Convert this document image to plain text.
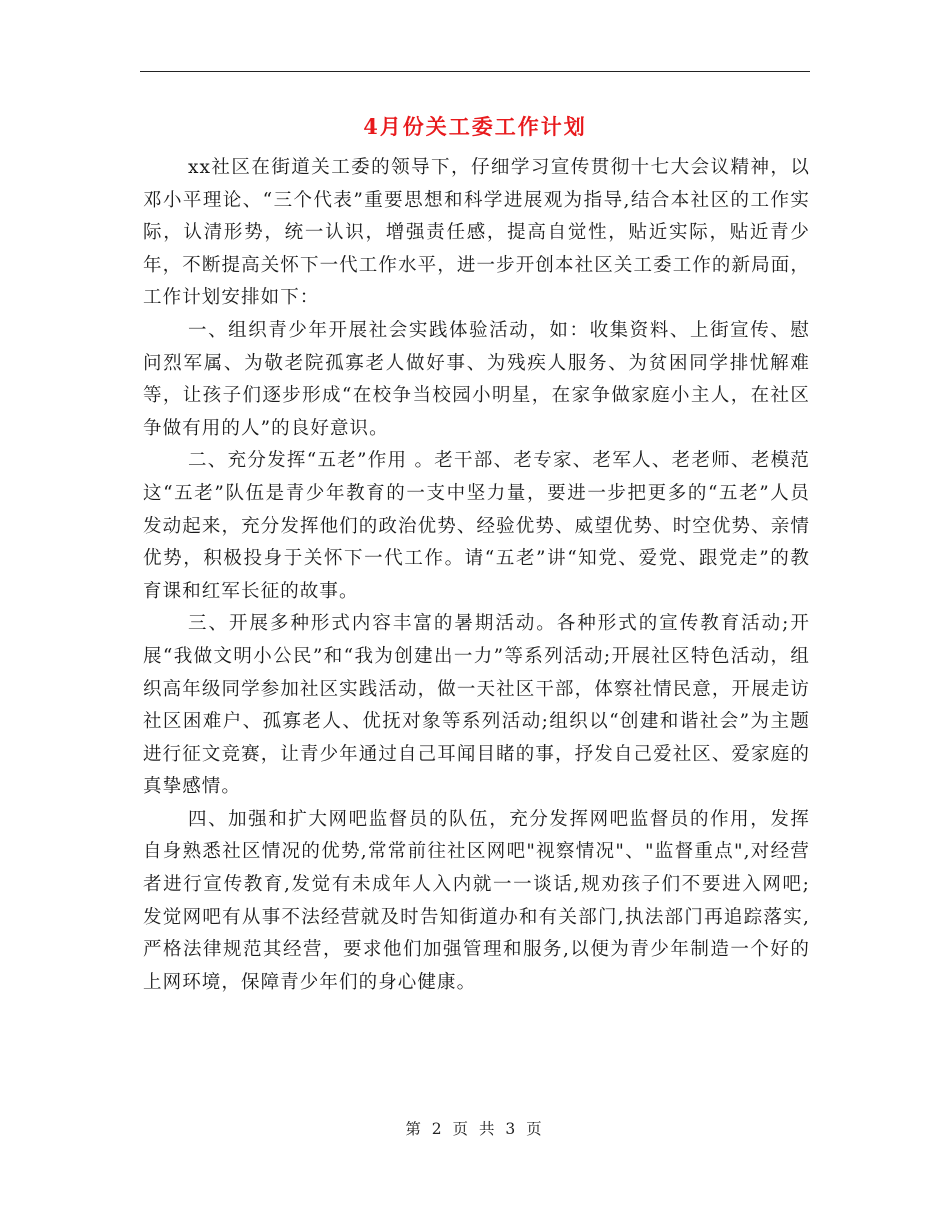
4月份关工委工作计划

xx社区在街道关工委的领导下，仔细学习宣传贯彻十七大会议精神，以邓小平理论、“三个代表”重要思想和科学进展观为指导,结合本社区的工作实际，认清形势，统一认识，增强责任感，提高自觉性，贴近实际，贴近青少年，不断提高关怀下一代工作水平，进一步开创本社区关工委工作的新局面，工作计划安排如下：

一、组织青少年开展社会实践体验活动，如：收集资料、上街宣传、慰问烈军属、为敬老院孤寡老人做好事、为残疾人服务、为贫困同学排忧解难等，让孩子们逐步形成“在校争当校园小明星，在家争做家庭小主人，在社区争做有用的人”的良好意识。

二、充分发挥“五老”作用 。老干部、老专家、老军人、老老师、老模范这“五老”队伍是青少年教育的一支中坚力量，要进一步把更多的“五老”人员发动起来，充分发挥他们的政治优势、经验优势、威望优势、时空优势、亲情优势，积极投身于关怀下一代工作。请“五老”讲“知党、爱党、跟党走”的教育课和红军长征的故事。

三、开展多种形式内容丰富的暑期活动。各种形式的宣传教育活动;开展“我做文明小公民”和“我为创建出一力”等系列活动;开展社区特色活动，组织高年级同学参加社区实践活动，做一天社区干部，体察社情民意，开展走访社区困难户、孤寡老人、优抚对象等系列活动;组织以“创建和谐社会”为主题进行征文竞赛，让青少年通过自己耳闻目睹的事，抒发自己爱社区、爱家庭的真挚感情。

四、加强和扩大网吧监督员的队伍，充分发挥网吧监督员的作用，发挥自身熟悉社区情况的优势,常常前往社区网吧"视察情况"、"监督重点",对经营者进行宣传教育,发觉有未成年人入内就一一谈话,规劝孩子们不要进入网吧;发觉网吧有从事不法经营就及时告知街道办和有关部门,执法部门再追踪落实,严格法律规范其经营，要求他们加强管理和服务,以便为青少年制造一个好的上网环境，保障青少年们的身心健康。

第 2 页 共 3 页
